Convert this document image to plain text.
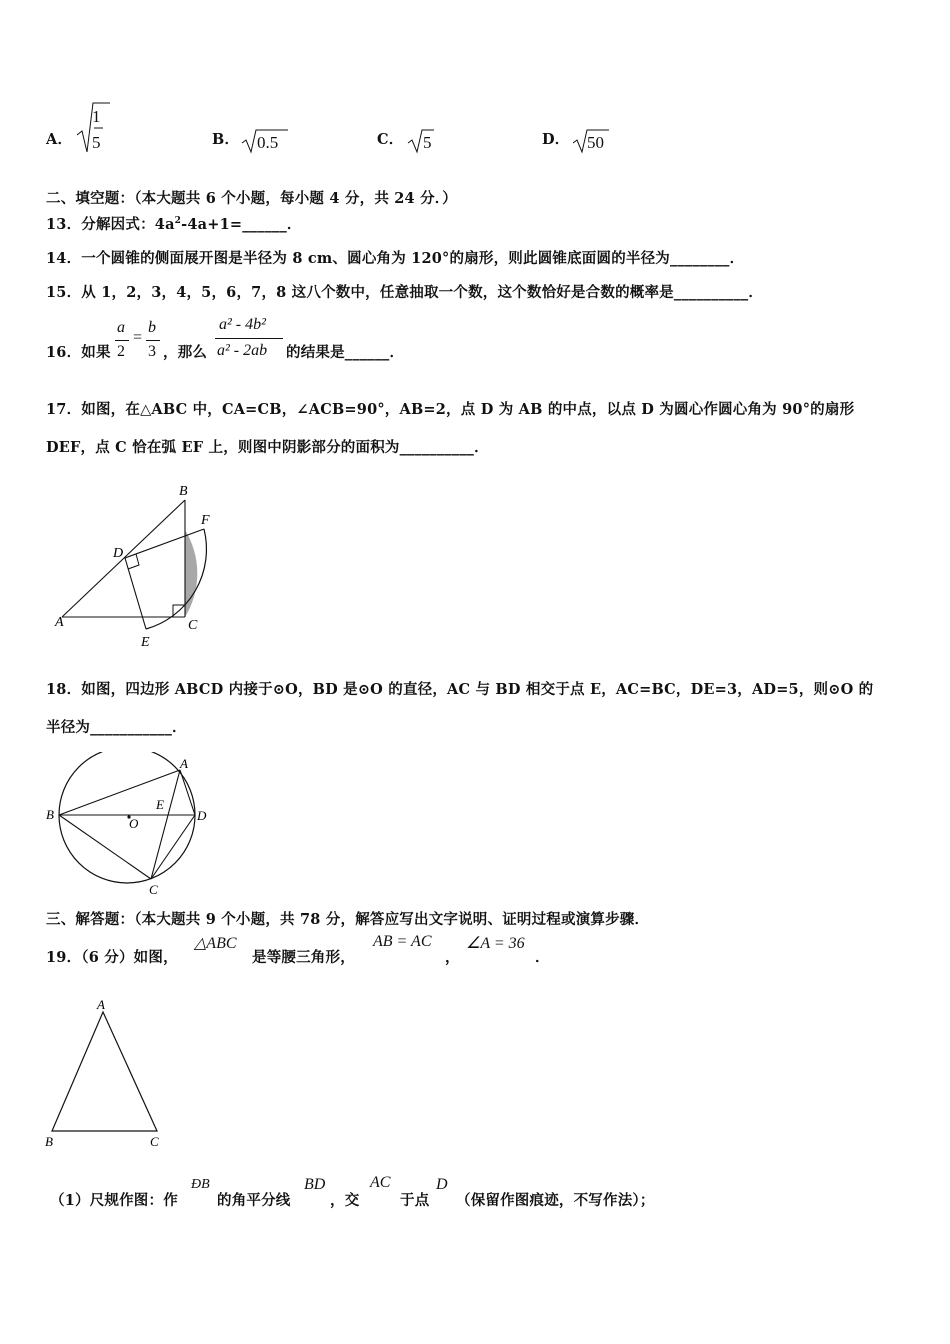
A．
1
5	B． 0.5	C． 5	D． 50
二、填空题：（本大题共 6 个小题，每小题 4 分，共 24 分．）
13．分解因式：$4a^2-4a+1=\_\_\_\_\_\_$．
14．一个圆锥的侧面展开图是半径为 8 cm、圆心角为 120°的扇形，则此圆锥底面圆的半径为________．
15．从 1，2，3，4，5，6，7，8 这八个数中，任意抽取一个数，这个数恰好是合数的概率是__________．
16．如果
a
2
=
b
3 ，那么
a² - 4b²
a² - 2ab 的结果是______．
17．如图，在△ABC 中，CA=CB，∠ACB=90°，AB=2，点 D 为 AB 的中点，以点 D 为圆心作圆心角为 90°的扇形
DEF，点 C 恰在弧 EF 上，则图中阴影部分的面积为__________．
B
F
D
A	C
E
18．如图，四边形 ABCD 内接于⊙O，BD 是⊙O 的直径，AC 与 BD 相交于点 E，AC=BC，DE=3，AD=5，则⊙O 的
半径为___________．
A
E
B
O
D
C
三、解答题：（本大题共 9 个小题，共 78 分，解答应写出文字说明、证明过程或演算步骤．
19．（6 分）如图，
△ABC
是等腰三角形，
AB = AC
，
∠A = 36
．
A
B	C
（1）尺规作图：作
ÐB
的角平分线
BD
，交
AC
于点
D
（保留作图痕迹，不写作法）；
